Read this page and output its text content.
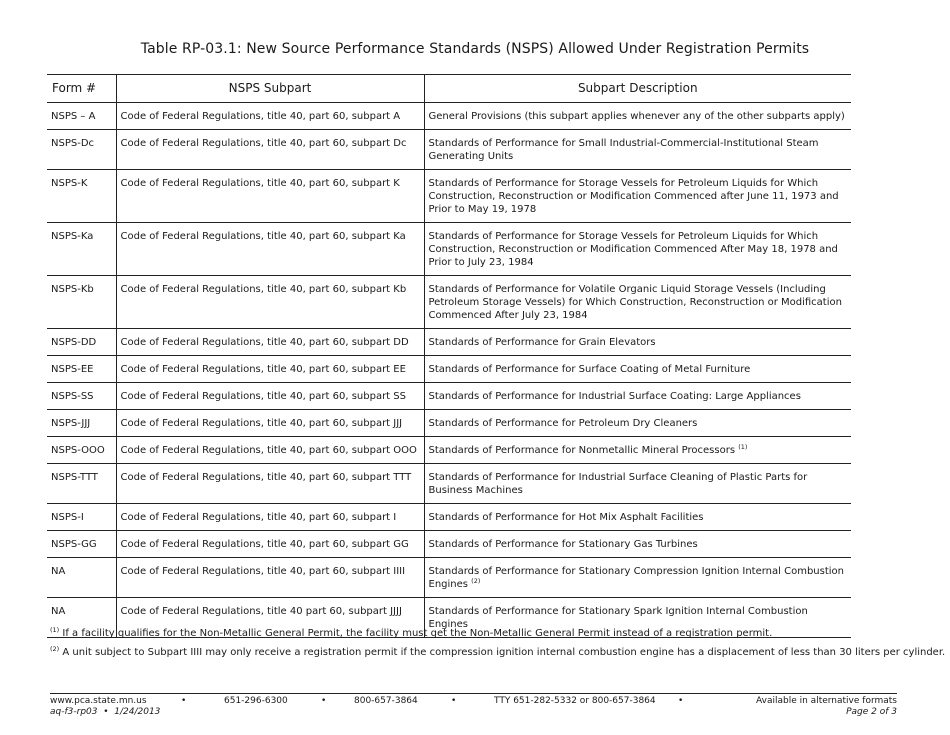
Table RP-03.1: New Source Performance Standards (NSPS) Allowed Under Registration Permits
Form #	NSPS Subpart	Subpart Description
NSPS – A	Code of Federal Regulations, title 40, part 60, subpart A	General Provisions (this subpart applies whenever any of the other subparts apply)
NSPS-Dc	Code of Federal Regulations, title 40, part 60, subpart Dc	Standards of Performance for Small Industrial-Commercial-Institutional Steam Generating Units
NSPS-K	Code of Federal Regulations, title 40, part 60, subpart K	Standards of Performance for Storage Vessels for Petroleum Liquids for Which Construction, Reconstruction or Modification Commenced after June 11, 1973 and Prior to May 19, 1978
NSPS-Ka	Code of Federal Regulations, title 40, part 60, subpart Ka	Standards of Performance for Storage Vessels for Petroleum Liquids for Which Construction, Reconstruction or Modification Commenced After May 18, 1978 and Prior to July 23, 1984
NSPS-Kb	Code of Federal Regulations, title 40, part 60, subpart Kb	Standards of Performance for Volatile Organic Liquid Storage Vessels (Including Petroleum Storage Vessels) for Which Construction, Reconstruction or Modification Commenced After July 23, 1984
NSPS-DD	Code of Federal Regulations, title 40, part 60, subpart DD	Standards of Performance for Grain Elevators
NSPS-EE	Code of Federal Regulations, title 40, part 60, subpart EE	Standards of Performance for Surface Coating of Metal Furniture
NSPS-SS	Code of Federal Regulations, title 40, part 60, subpart SS	Standards of Performance for Industrial Surface Coating: Large Appliances
NSPS-JJJ	Code of Federal Regulations, title 40, part 60, subpart JJJ	Standards of Performance for Petroleum Dry Cleaners
NSPS-OOO	Code of Federal Regulations, title 40, part 60, subpart OOO	Standards of Performance for Nonmetallic Mineral Processors $^{(1)}$
NSPS-TTT	Code of Federal Regulations, title 40, part 60, subpart TTT	Standards of Performance for Industrial Surface Cleaning of Plastic Parts for Business Machines
NSPS-I	Code of Federal Regulations, title 40, part 60, subpart I	Standards of Performance for Hot Mix Asphalt Facilities
NSPS-GG	Code of Federal Regulations, title 40, part 60, subpart GG	Standards of Performance for Stationary Gas Turbines
NA	Code of Federal Regulations, title 40, part 60, subpart IIII	Standards of Performance for Stationary Compression Ignition Internal Combustion Engines $^{(2)}$
NA	Code of Federal Regulations, title 40 part 60, subpart JJJJ	Standards of Performance for Stationary Spark Ignition Internal Combustion Engines
$^{(1)}$ If a facility qualifies for the Non-Metallic General Permit, the facility must get the Non-Metallic General Permit instead of a registration permit.
$^{(2)}$ A unit subject to Subpart IIII may only receive a registration permit if the compression ignition internal combustion engine has a displacement of less than 30 liters per cylinder.
www.pca.state.mn.us	•	651-296-6300	•	800-657-3864	•	TTY 651-282-5332 or 800-657-3864 •	Available in alternative formats
aq-f3-rp03 • 1/24/2013	Page 2 of 3
